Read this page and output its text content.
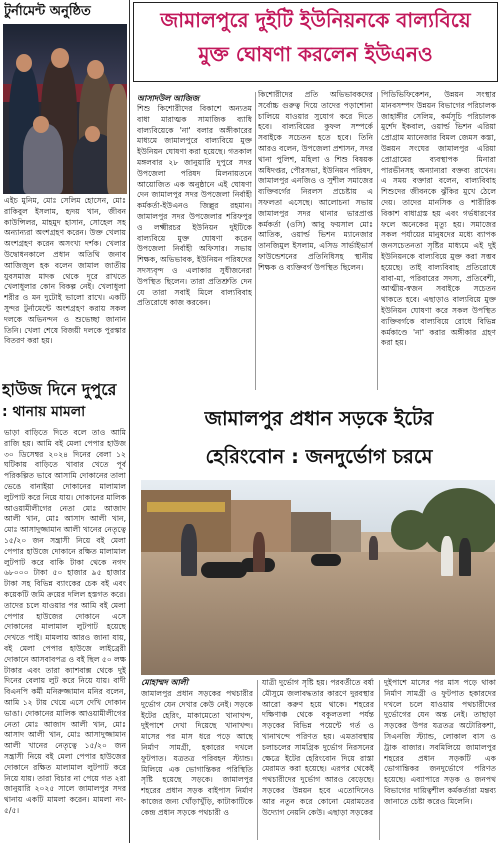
টুর্নামেন্ট অনুষ্ঠিত
এইচ মুনিম, মোঃ সেলিম হোসেন, মোঃ রাকিবুল ইসলাম, হৃদয় খান, জীবন কাউন্সিলর, মাহমুদ হাসান, সোহেল সহ অন্যান্যরা অংশগ্রহণ করেন। উক্ত খেলায় অংশগ্রহণ করেন অসংখ্য দর্শক। খেলার উদ্বোধনকালে প্রধান অতিথি জনাব আজিজুল হক বলেন জামাল জাতীয় যুবসমাজ মাদক থেকে দূরে রাখতে খেলাধুলার কোন বিকল্প নেই। খেলাধুলা শরীর ও মন দুটোই ভালো রাখে। একটি সুন্দর টুর্নামেন্টে অংশগ্রহণ করায় সকল দলকে অভিনন্দন ও শুভেচ্ছা জানান তিনি। খেলা শেষে বিজয়ী দলকে পুরস্কার বিতরণ করা হয়।
হাউজ দিনে দুপুরে
: থানায় মামলা
ভাড়া বাড়িতে দিতে বলে তাও আমি রাজি হয়। আমি বই মেলা পেপার হাউজ ৩০ ডিসেম্বর ২০২৪ দিনের বেলা ১২ ঘটিকায় বাড়িতে খাবার খেতে পূর্ব পরিকল্পিত ভাবে আসামি দোকানের তালা ভেঙে বানাইয়া দোকানের মালামাল লুটপাট করে নিয়ে যায়। দোকানের মালিক আওয়ামীলীগের নেতা মোঃ আজাদ আলী খান, মোঃ আসাদ আলী খান, মোঃ আসাদুজ্জামান আলী খানের নেতৃত্বে ১৫/২০ জন সন্ত্রাসী নিয়ে বই মেলা পেপার হাউজে দোকানে রক্ষিত মালামাল লুটপাট করে বাকি টাকা থেকে নগদ ৬৮০০০ টাকা ৫০ হাজার ৯৫ হাজার টাকা সহ বিভিন্ন ব্যাংকের চেক বই এবং কয়েকটি জমি ক্রয়ের দলিল হস্তগত করে। তাদের চলে যাওয়ার পর আমি বই মেলা পেপার হাউজের দোকানে এসে দোকানের মালামাল লুটপাট হয়েছে দেখতে পাই। মামলায় আরও জানা যায়, বই মেলা পেপার হাউজে লাইব্রেরী দোকানে আসবাবপত্র ও বই ছিল ৫০ লক্ষ টাকার এবং তারা ক্যাশবাক্স থেকে দুই দিনের বেলায় লুট করে নিয়ে যায়। বাদী বিএনপি কর্মী মনিরুজ্জামান মনির বলেন, আমি ১২ টায় খেয়ে এসে দেখি দোকান ভাঙা। দোকানের মালিক আওয়ামীলীগের নেতা মোঃ আজাদ আলী খান, মোঃ আসাদ আলী খান, মোঃ আসাদুজ্জামান আলী খানের নেতৃত্বে ১৫/২০ জন সন্ত্রাসী নিয়ে বই মেলা পেপার হাউজের দোকানে রক্ষিত মালামাল লুটপাট করে নিয়ে যায়। তারা বিচার না পেয়ে গত ২রা জানুয়ারি ২০২৫ সালে জামালপুর সদর থানায় একটি মামলা করেন। মামলা নং- ৫/৫।
জামালপুরে দুইটি ইউনিয়নকে বাল্যবিয়ে
মুক্ত ঘোষণা করলেন ইউএনও
আসাদউল আজিজ
শিশু কিশোরীদের বিকাশে অন্যতম বাধা মারাত্মক সামাজিক ব্যাধি বাল্যবিয়েকে 'না' বলার অঙ্গীকারের মাধ্যমে জামালপুরে বাল্যবিয়ে মুক্ত ইউনিয়ন ঘোষণা করা হয়েছে। গতকাল মঙ্গলবার ২৮ জানুয়ারি দুপুরে সদর উপজেলা পরিষদ মিলনায়তনে আয়োজিত এক অনুষ্ঠানে এই ঘোষণা দেন জামালপুর সদর উপজেলা নির্বাহী কর্মকর্তা-ইউএনও জিল্লুর রহমান। জামালপুর সদর উপজেলার শরিফপুর ও লক্ষ্মীরচর ইউনিয়ন দুইটিকে বাল্যবিয়ে মুক্ত ঘোষণা করেন উপজেলা নির্বাহী অফিসার। সভায় শিক্ষক, অভিভাবক, ইউনিয়ন পরিষদের সদস্যবৃন্দ ও এলাকার সুধীজনেরা উপস্থিত ছিলেন। তারা প্রতিশ্রুতি দেন যে তারা সবাই মিলে বাল্যবিবাহ প্রতিরোধে কাজ করবেন।
কিশোরীদের প্রতি অভিভাবকদের সর্বোচ্চ গুরুত্ব দিয়ে তাদের পড়াশোনা চালিয়ে যাওয়ার সুযোগ করে দিতে হবে। বাল্যবিয়ের কুফল সম্পর্কে সবাইকে সচেতন হতে হবে। তিনি আরও বলেন, উপজেলা প্রশাসন, সদর থানা পুলিশ, মহিলা ও শিশু বিষয়ক অধিদপ্তর, পৌরসভা, ইউনিয়ন পরিষদ, জামালপুর এনজিও ও সুশীল সমাজের ব্যক্তিবর্গের নিরলস প্রচেষ্টায় এ সফলতা এসেছে। আলোচনা সভায় জামালপুর সদর থানার ভারপ্রাপ্ত কর্মকর্তা (ওসি) আবু ফয়সাল মোঃ আতিক, ওয়ার্ল্ড ভিশন ম্যানেজার তানজিমুল ইসলাম, এসিড সার্ভাইভার্স ফাউন্ডেশনের প্রতিনিধিসহ স্থানীয় শিক্ষক ও ব্যক্তিবর্গ উপস্থিত ছিলেন।
পিডিভিফিকেশন, উন্নয়ন সংস্থার মানবসম্পদ উন্নয়ন বিভাগের পরিচালক জাহাঙ্গীর সেলিম, কর্মসূচি পরিচালক মুর্শেদ ইকবাল, ওয়ার্ল্ড ভিশন এরিয়া প্রোগ্রাম ম্যানেজার বিমল জেমস কস্তা, উন্নয়ন সংঘের জামালপুর এরিয়া প্রোগ্রামের ব্যবস্থাপক মিনারা পারভীনসহ অন্যান্যরা বক্তব্য রাখেন। এ সময় বক্তারা বলেন, বাল্যবিবাহ শিশুদের জীবনকে ঝুঁকির মুখে ঠেলে দেয়। তাদের মানসিক ও শারীরিক বিকাশ বাধাগ্রস্ত হয় এবং গর্ভধারণের ফলে অনেকের মৃত্যু হয়। সমাজের সকল পর্যায়ের মানুষদের মধ্যে ব্যাপক জনসচেতনতা সৃষ্টির মাধ্যমে এই দুই ইউনিয়নকে বাল্যবিয়ে মুক্ত করা সম্ভব হয়েছে। তাই বাল্যবিবাহ প্রতিরোধে বাবা-মা, পরিবারের সদস্য, প্রতিবেশী, আত্মীয়-স্বজন সবাইকে সচেতন থাকতে হবে। এছাড়াও বাল্যবিয়ে মুক্ত ইউনিয়ন ঘোষণা করে সকল উপস্থিত ব্যক্তিবর্গকে বাল্যবিয়ে রোধে বিভিন্ন কর্মকাণ্ডে 'না' করার অঙ্গীকার গ্রহণ করা হয়।
জামালপুর প্রধান সড়কে ইটের
হেরিংবোন : জনদুর্ভোগ চরমে
মোহাম্মদ আলী
জামালপুর প্রধান সড়কের পথচারীর দুর্ভোগ যেন দেখার কেউ নেই। সড়কে ইটের হেরিং, মাকামেতো খানাখন্দ, দুইপাশে দেখা দিয়েছে খানাখন্দ। মাসের পর মাস ধরে পড়ে আছে নির্মাণ সামগ্রী, হকারের দখলে ফুটপাত। যত্রতত্র পরিবহন স্ট্যান্ড। মিলিয়ে এক ভোগান্তিকর পরিস্থিতি সৃষ্টি হয়েছে সড়কে। জামালপুর শহরের প্রধান সড়ক বাইপাস নির্মাণ কাজের জন্য খোঁড়াখুঁড়ি, কাটাকাটিকে কেন্দ্র প্রধান সড়কে পথচারী ও
যাত্রী দুর্ভোগ সৃষ্টি হয়। পরবর্তীতে বর্ষা মৌসুমে জলাবদ্ধতার কারণে দুরবস্থার আরো করুণ হয়ে থাকে। শহরের দক্ষিণাঞ্চ থেকে বকুলতলা পর্যন্ত সড়কের বিভিন্ন পয়েন্টে গর্ত ও খানাখন্দে পরিণত হয়। এমতাবস্থায় চলাচলের সামগ্রিক দুর্ভোগ নিরসনের ক্ষেত্রে ইটের হেরিংবোন দিয়ে রাস্তা মেরামত করা হয়েছে। এরপর থেকেই পথচারীদের দুর্ভোগ আরও বেড়েছে। সড়কের উন্নয়ন হবে এতোদিনেও আর নতুন করে কোনো মেরামতের উদ্যোগ নেয়নি কেউ। এছাড়া সড়কের
দুইপাশে মাসের পর মাস পড়ে থাকা নির্মাণ সামগ্রী ও ফুটপাত হকারদের দখলে চলে যাওয়ায় পথচারীদের দুর্ভোগের যেন অন্ত নেই। তাছাড়া সড়কের উপর যত্রতত্র অটোরিকশা, সিএনজি স্ট্যান্ড, লোকাল বাস ও ট্রাক বাজার। সবমিলিয়ে জামালপুর শহরের প্রধান সড়কটি এক ভোগান্তিকর জনদুর্ভোগে পরিণত হয়েছে। এব্যাপারে সড়ক ও জনপথ বিভাগের দায়িত্বশীল কর্মকর্তারা মন্তব্য জানাতে চেষ্টা করেও মিলেনি।
